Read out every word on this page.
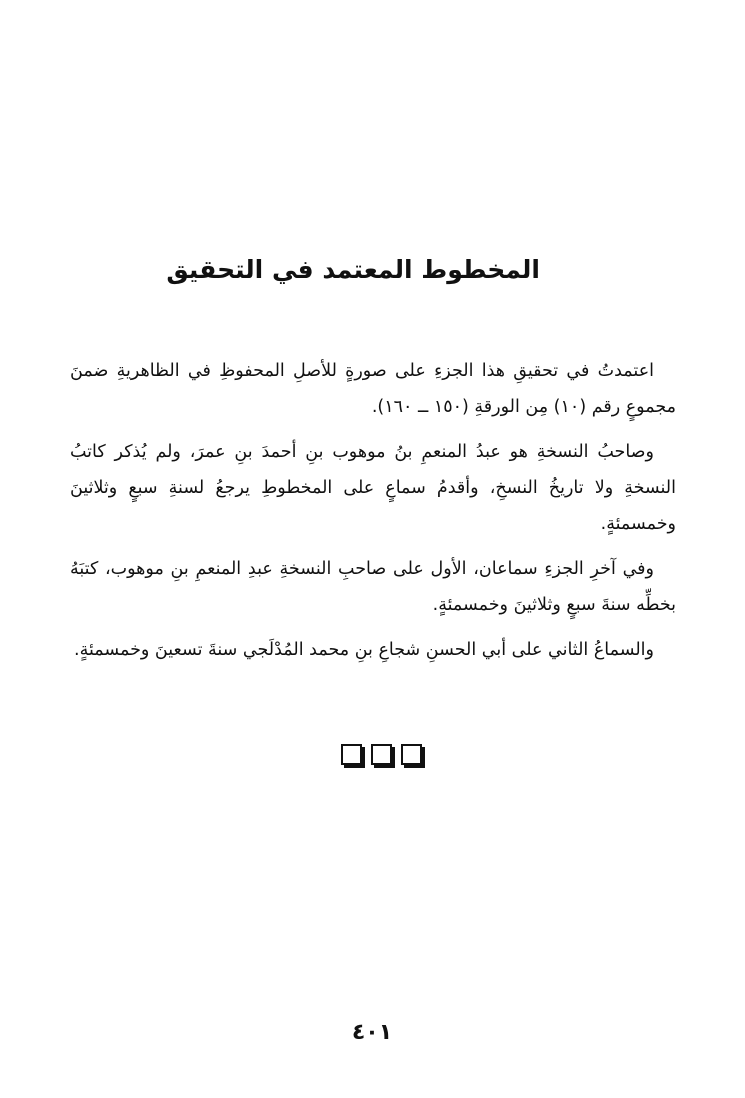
المخطوط المعتمد في التحقيق

اعتمدتُ في تحقيقِ هذا الجزءِ على صورةٍ للأصلِ المحفوظِ في الظاهريةِ ضمنَ مجموعٍ رقم (١٠) مِن الورقةِ (١٥٠ ــ ١٦٠).

وصاحبُ النسخةِ هو عبدُ المنعمِ بنُ موهوب بنِ أحمدَ بنِ عمرَ، ولم يُذكر كاتبُ النسخةِ ولا تاريخُ النسخِ، وأقدمُ سماعٍ على المخطوطِ يرجعُ لسنةِ سبعٍ وثلاثينَ وخمسمئةٍ.

وفي آخرِ الجزءِ سماعان، الأول على صاحبِ النسخةِ عبدِ المنعمِ بنِ موهوب، كتبَهُ بخطِّه سنةَ سبعٍ وثلاثينَ وخمسمئةٍ.

والسماعُ الثاني على أبي الحسنِ شجاعِ بنِ محمد المُدْلَجي سنةَ تسعينَ وخمسمئةٍ.

٤٠١
